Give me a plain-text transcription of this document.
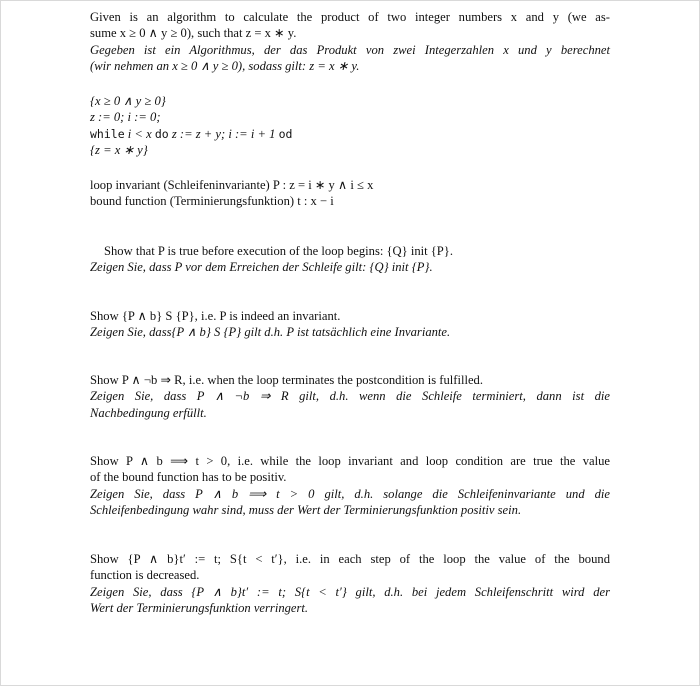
Given is an algorithm to calculate the product of two integer numbers x and y (we as-
sume x ≥ 0 ∧ y ≥ 0), such that z = x ∗ y.
Gegeben ist ein Algorithmus, der das Produkt von zwei Integerzahlen x und y berechnet
(wir nehmen an x ≥ 0 ∧ y ≥ 0), sodass gilt: z = x ∗ y.
{x ≥ 0 ∧ y ≥ 0}
z := 0; i := 0;
while i < x do z := z + y; i := i + 1 od
{z = x ∗ y}
loop invariant (Schleifeninvariante) P : z = i ∗ y ∧ i ≤ x
bound function (Terminierungsfunktion) t : x − i
Show that P is true before execution of the loop begins: {Q} init {P}.
Zeigen Sie, dass P vor dem Erreichen der Schleife gilt: {Q} init {P}.
Show {P ∧ b} S {P}, i.e. P is indeed an invariant.
Zeigen Sie, dass{P ∧ b} S {P} gilt d.h. P ist tatsächlich eine Invariante.
Show P ∧ ¬b ⇒ R, i.e. when the loop terminates the postcondition is fulfilled.
Zeigen Sie, dass P ∧ ¬b ⇒ R gilt, d.h. wenn die Schleife terminiert, dann ist die
Nachbedingung erfüllt.
Show P ∧ b ⟹ t > 0, i.e. while the loop invariant and loop condition are true the value
of the bound function has to be positiv.
Zeigen Sie, dass P ∧ b ⟹ t > 0 gilt, d.h. solange die Schleifeninvariante und die
Schleifenbedingung wahr sind, muss der Wert der Terminierungsfunktion positiv sein.
Show {P ∧ b}t′ := t; S{t < t′}, i.e. in each step of the loop the value of the bound
function is decreased.
Zeigen Sie, dass {P ∧ b}t′ := t; S{t < t′} gilt, d.h. bei jedem Schleifenschritt wird der
Wert der Terminierungsfunktion verringert.
